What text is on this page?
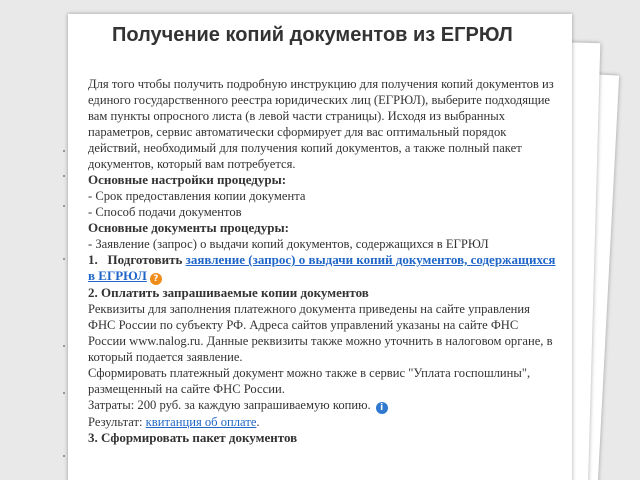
Получение копий документов из ЕГРЮЛ

Для того чтобы получить подробную инструкцию для получения копий документов из единого государственного реестра юридических лиц (ЕГРЮЛ), выберите подходящие вам пункты опросного листа (в левой части страницы). Исходя из выбранных параметров, сервис автоматически сформирует для вас оптимальный порядок действий, необходимый для получения копий документов, а также полный пакет документов, который вам потребуется.

Основные настройки процедуры:

- Срок предоставления копии документа

- Способ подачи документов

Основные документы процедуры:

- Заявление (запрос) о выдачи копий документов, содержащихся в ЕГРЮЛ

1. Подготовить заявление (запрос) о выдачи копий документов, содержащихся в ЕГРЮЛ ?

2. Оплатить запрашиваемые копии документов

Реквизиты для заполнения платежного документа приведены на сайте управления ФНС России по субъекту РФ. Адреса сайтов управлений указаны на сайте ФНС России www.nalog.ru. Данные реквизиты также можно уточнить в налоговом органе, в который подается заявление.

Сформировать платежный документ можно также в сервис "Уплата госпошлины", размещенный на сайте ФНС России.

Затраты: 200 руб. за каждую запрашиваемую копию. i

Результат: квитанция об оплате.

3. Сформировать пакет документов
